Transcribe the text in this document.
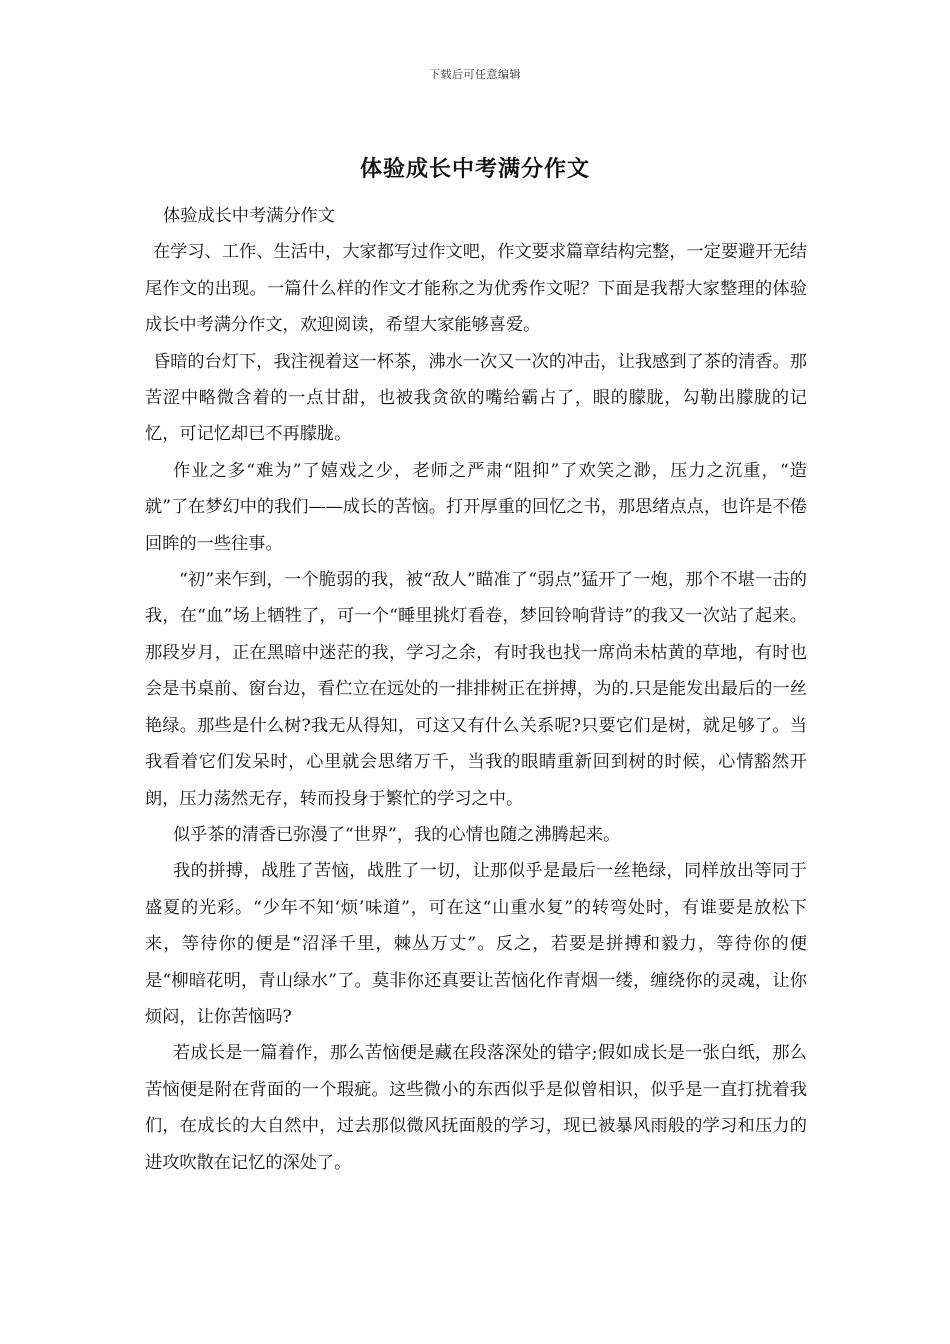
下载后可任意编辑
体验成长中考满分作文

体验成长中考满分作文

在学习、工作、生活中，大家都写过作文吧，作文要求篇章结构完整，一定要避开无结尾作文的出现。一篇什么样的作文才能称之为优秀作文呢？下面是我帮大家整理的体验成长中考满分作文，欢迎阅读，希望大家能够喜爱。

昏暗的台灯下，我注视着这一杯茶，沸水一次又一次的冲击，让我感到了茶的清香。那苦涩中略微含着的一点甘甜，也被我贪欲的嘴给霸占了，眼的朦胧，勾勒出朦胧的记忆，可记忆却已不再朦胧。

作业之多“难为”了嬉戏之少，老师之严肃“阻抑”了欢笑之渺，压力之沉重，“造就”了在梦幻中的我们——成长的苦恼。打开厚重的回忆之书，那思绪点点，也许是不倦回眸的一些往事。

“初”来乍到，一个脆弱的我，被“敌人”瞄准了“弱点”猛开了一炮，那个不堪一击的我，在“血”场上牺牲了，可一个“睡里挑灯看卷，梦回铃响背诗”的我又一次站了起来。那段岁月，正在黑暗中迷茫的我，学习之余，有时我也找一席尚未枯黄的草地，有时也会是书桌前、窗台边，看伫立在远处的一排排树正在拼搏，为的.只是能发出最后的一丝艳绿。那些是什么树?我无从得知，可这又有什么关系呢?只要它们是树，就足够了。当我看着它们发呆时，心里就会思绪万千，当我的眼睛重新回到树的时候，心情豁然开朗，压力荡然无存，转而投身于繁忙的学习之中。

似乎茶的清香已弥漫了“世界”，我的心情也随之沸腾起来。

我的拼搏，战胜了苦恼，战胜了一切，让那似乎是最后一丝艳绿，同样放出等同于盛夏的光彩。“少年不知‘烦’味道”，可在这“山重水复”的转弯处时，有谁要是放松下来，等待你的便是“沼泽千里，棘丛万丈”。反之，若要是拼搏和毅力，等待你的便是“柳暗花明，青山绿水”了。莫非你还真要让苦恼化作青烟一缕，缠绕你的灵魂，让你烦闷，让你苦恼吗?

若成长是一篇着作，那么苦恼便是藏在段落深处的错字;假如成长是一张白纸，那么苦恼便是附在背面的一个瑕疵。这些微小的东西似乎是似曾相识，似乎是一直打扰着我们，在成长的大自然中，过去那似微风抚面般的学习，现已被暴风雨般的学习和压力的进攻吹散在记忆的深处了。
